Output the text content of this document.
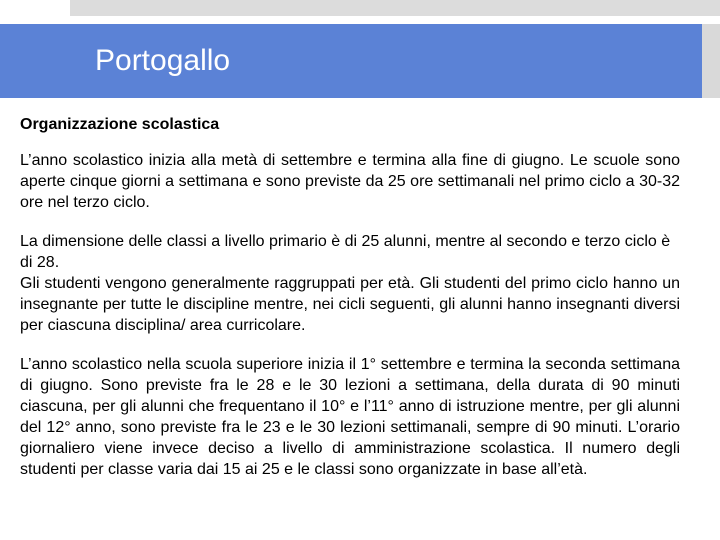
Portogallo
Organizzazione scolastica

L’anno scolastico inizia alla metà di settembre e termina alla fine di giugno. Le scuole sono aperte cinque giorni a settimana e sono previste da 25 ore settimanali nel primo ciclo a 30-32 ore nel terzo ciclo.

La dimensione delle classi a livello primario è di 25 alunni, mentre al secondo e terzo ciclo è di 28.

Gli studenti vengono generalmente raggruppati per età. Gli studenti del primo ciclo hanno un insegnante per tutte le discipline mentre, nei cicli seguenti, gli alunni hanno insegnanti diversi per ciascuna disciplina/ area curricolare.

L’anno scolastico nella scuola superiore inizia il 1° settembre e termina la seconda settimana di giugno. Sono previste fra le 28 e le 30 lezioni a settimana, della durata di 90 minuti ciascuna, per gli alunni che frequentano il 10° e l’11° anno di istruzione mentre, per gli alunni del 12° anno, sono previste fra le 23 e le 30 lezioni settimanali, sempre di 90 minuti. L’orario giornaliero viene invece deciso a livello di amministrazione scolastica. Il numero degli studenti per classe varia dai 15 ai 25 e le classi sono organizzate in base all’età.
